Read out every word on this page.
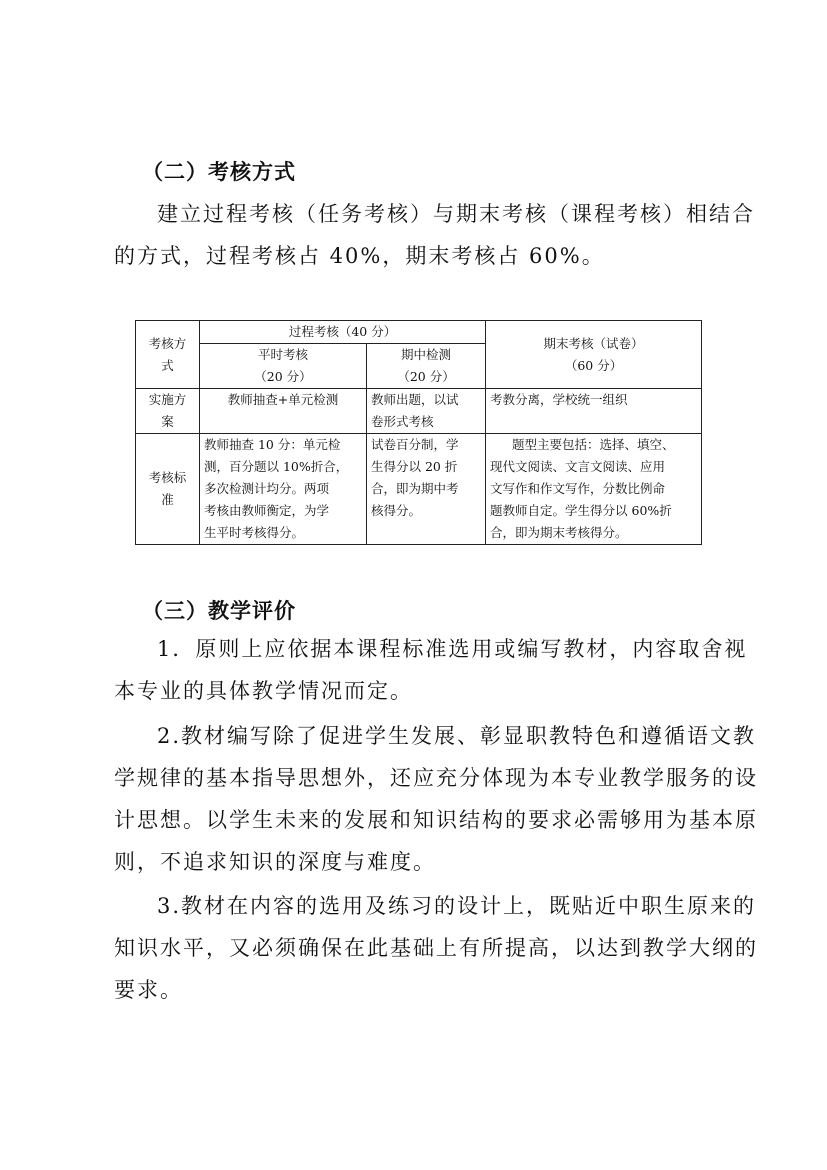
（二）考核方式
建立过程考核（任务考核）与期末考核（课程考核）相结合
的方式，过程考核占 40%，期末考核占 60%。
考核方
式	过程考核（40 分）		期末考核（试卷）
（60 分）

	平时考核
（20 分）	期中检测
（20 分）	

实施方
案	教师抽查+单元检测	教师出题，以试
卷形式考核	考教分离，学校统一组织

考核标
准	教师抽查 10 分：单元检
测，百分题以 10%折合，
多次检测计均分。两项
考核由教师衡定，为学
生平时考核得分。	试卷百分制，学
生得分以 20 折
合，即为期中考
核得分。	题型主要包括：选择、填空、
现代文阅读、文言文阅读、应用
文写作和作文写作，分数比例命
题教师自定。学生得分以 60%折
合，即为期末考核得分。
（三）教学评价
1．原则上应依据本课程标准选用或编写教材，内容取舍视
本专业的具体教学情况而定。
2.教材编写除了促进学生发展、彰显职教特色和遵循语文教
学规律的基本指导思想外，还应充分体现为本专业教学服务的设
计思想。以学生未来的发展和知识结构的要求必需够用为基本原
则，不追求知识的深度与难度。
3.教材在内容的选用及练习的设计上，既贴近中职生原来的
知识水平，又必须确保在此基础上有所提高，以达到教学大纲的
要求。
